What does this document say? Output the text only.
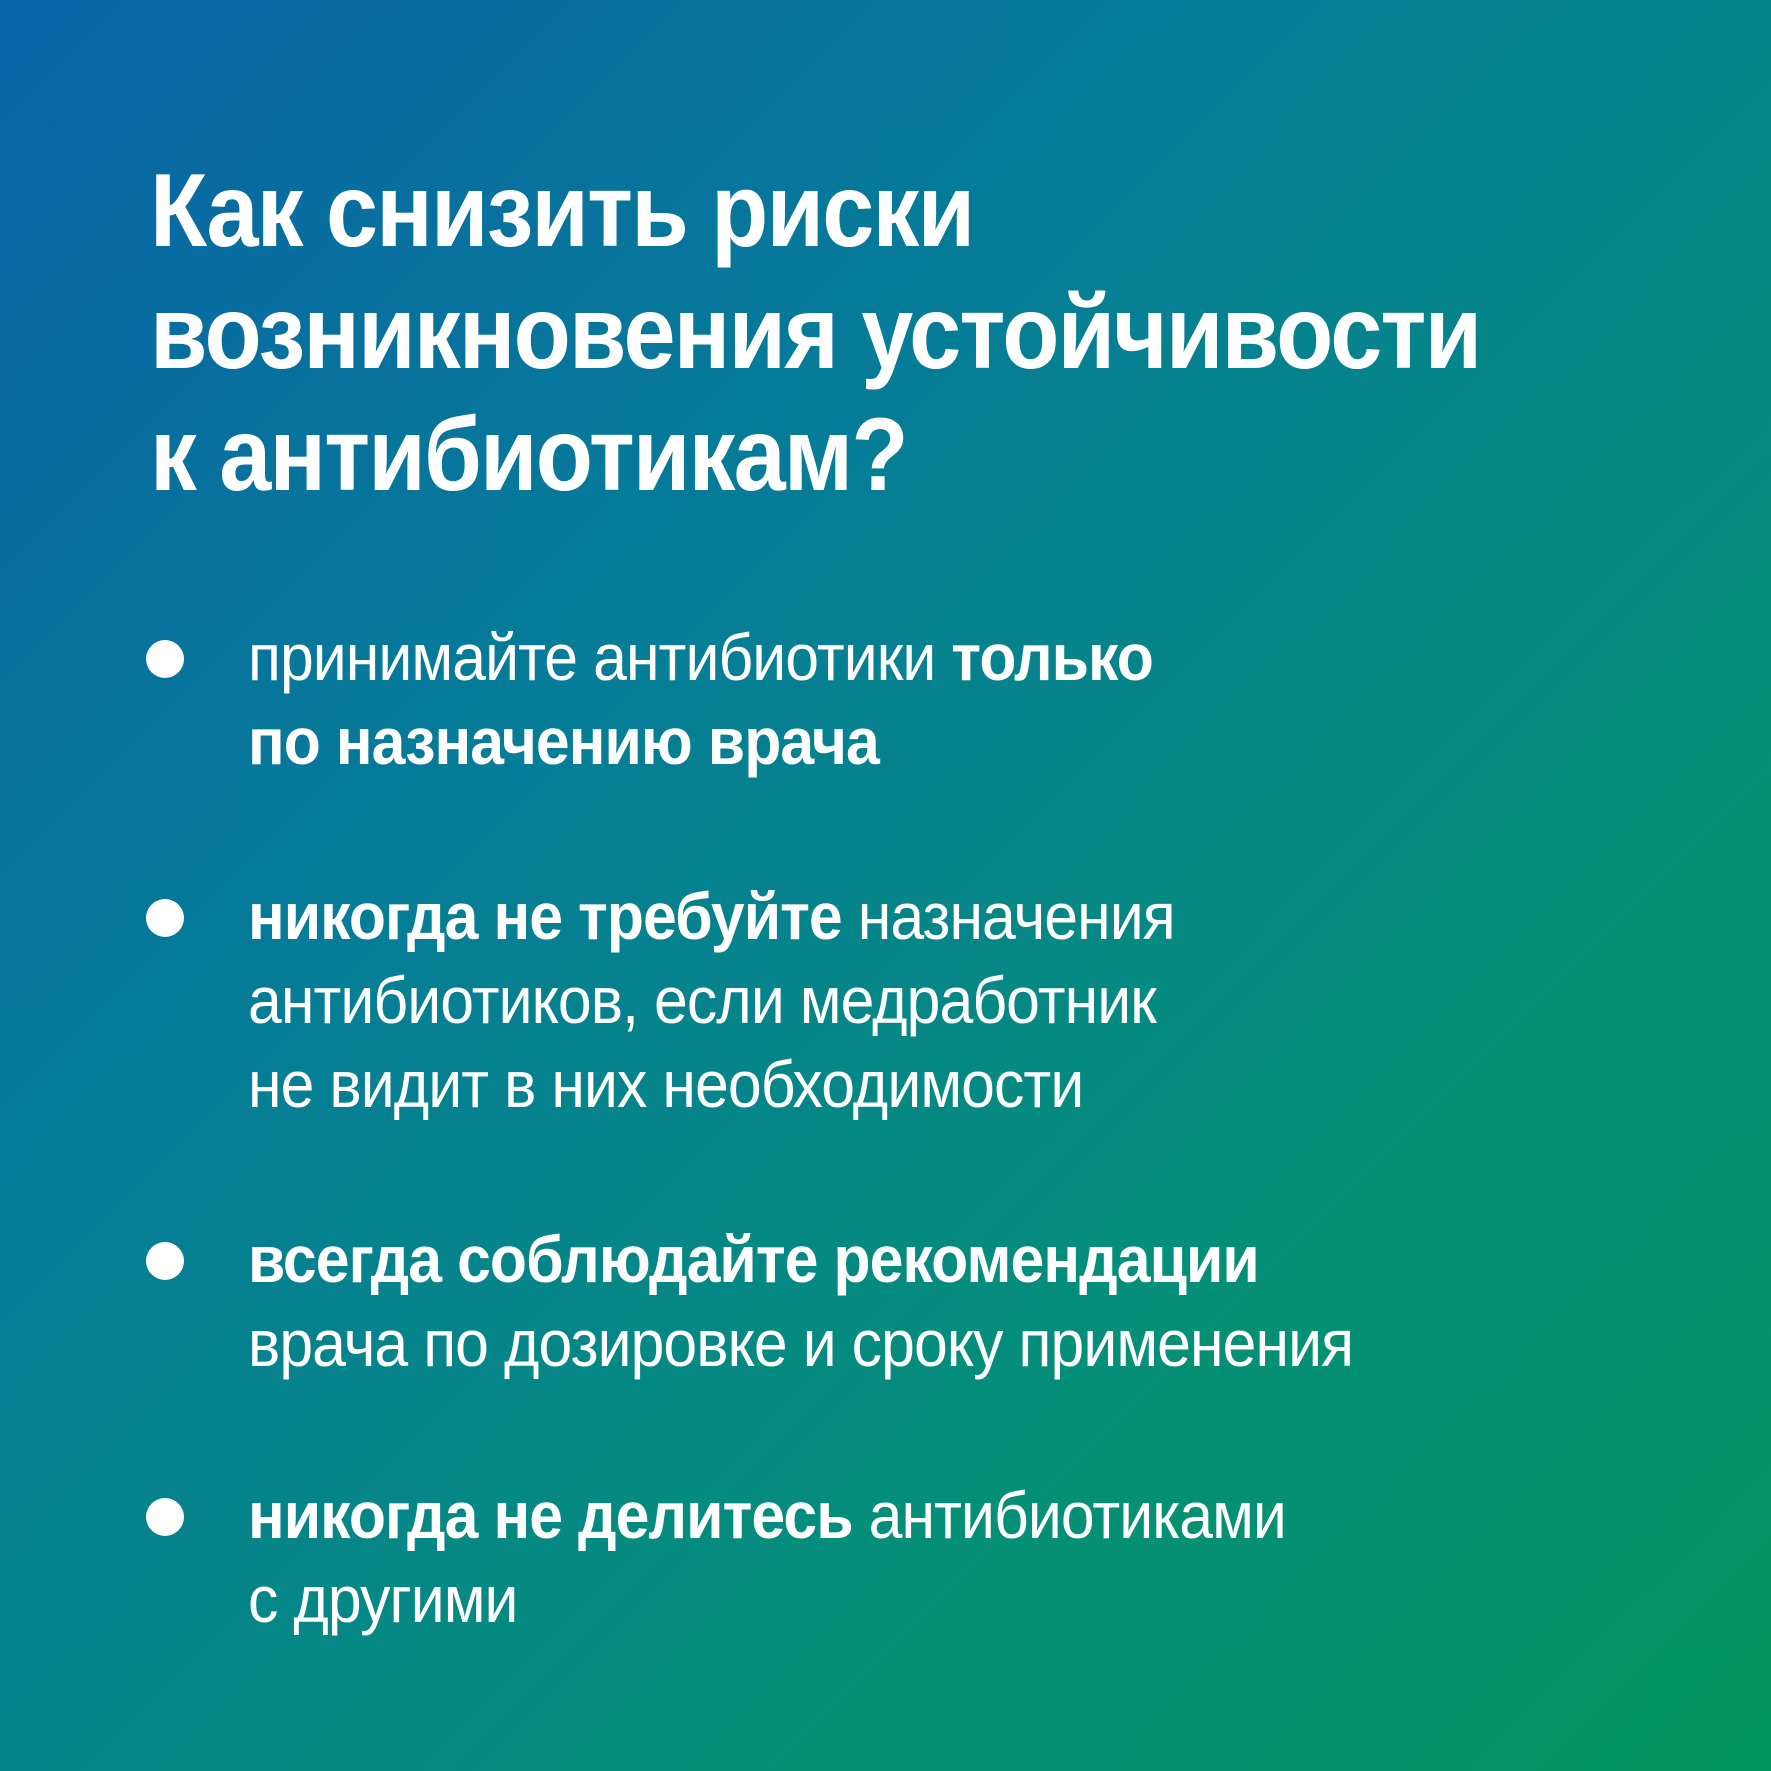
Как снизить риски
возникновения устойчивости
к антибиотикам?
принимайте антибиотики только
по назначению врача
никогда не требуйте назначения
антибиотиков, если медработник
не видит в них необходимости
всегда соблюдайте рекомендации
врача по дозировке и сроку применения
никогда не делитесь антибиотиками
с другими
